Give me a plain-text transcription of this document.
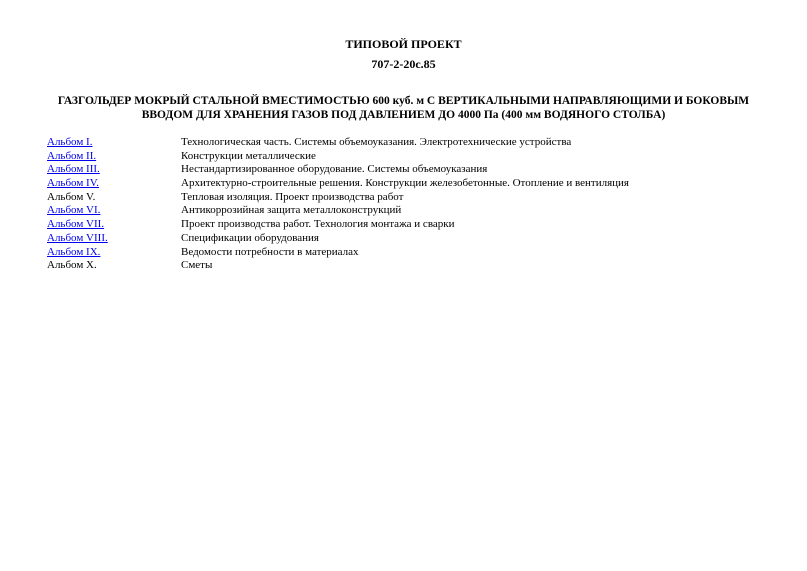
ТИПОВОЙ ПРОЕКТ
707-2-20с.85
ГАЗГОЛЬДЕР МОКРЫЙ СТАЛЬНОЙ ВМЕСТИМОСТЬЮ 600 куб. м С ВЕРТИКАЛЬНЫМИ НАПРАВЛЯЮЩИМИ И БОКОВЫМ ВВОДОМ ДЛЯ ХРАНЕНИЯ ГАЗОВ ПОД ДАВЛЕНИЕМ ДО 4000 Па (400 мм ВОДЯНОГО СТОЛБА)
Альбом I.	Технологическая часть. Системы объемоуказания. Электротехнические устройства
Альбом II.	Конструкции металлические
Альбом III.	Нестандартизированное оборудование. Системы объемоуказания
Альбом IV.	Архитектурно-строительные решения. Конструкции железобетонные. Отопление и вентиляция
Альбом V.	Тепловая изоляция. Проект производства работ
Альбом VI.	Антикоррозийная защита металлоконструкций
Альбом VII.	Проект производства работ. Технология монтажа и сварки
Альбом VIII.	Спецификации оборудования
Альбом IX.	Ведомости потребности в материалах
Альбом X.	Сметы
